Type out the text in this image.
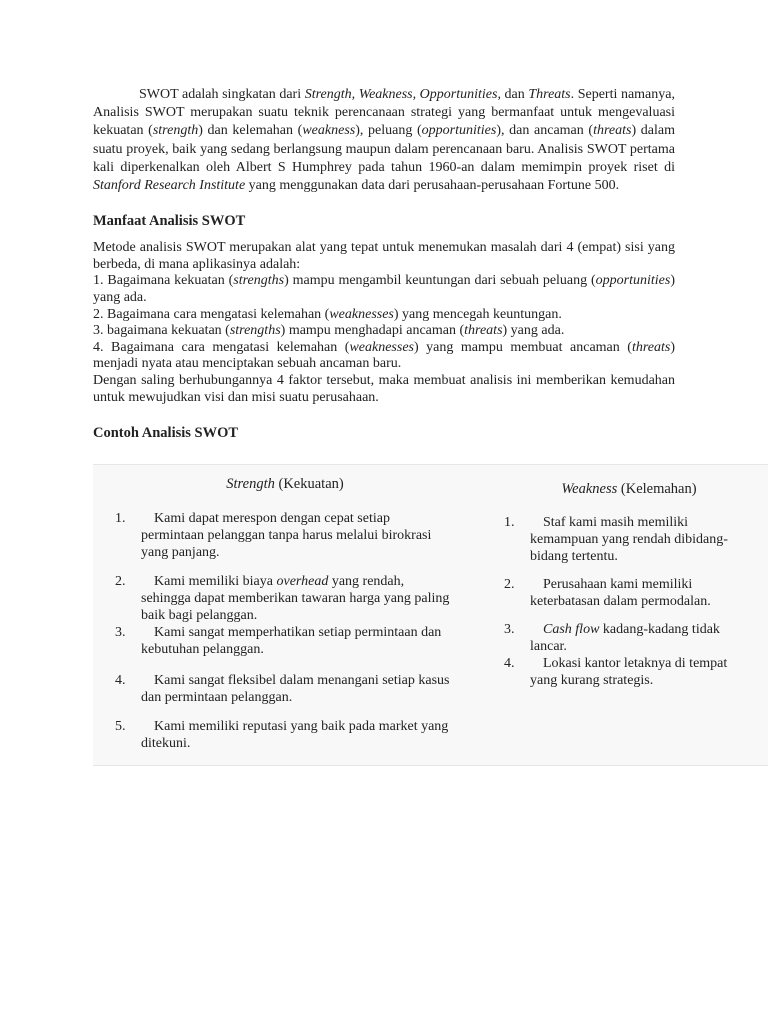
SWOT adalah singkatan dari Strength, Weakness, Opportunities, dan Threats. Seperti namanya, Analisis SWOT merupakan suatu teknik perencanaan strategi yang bermanfaat untuk mengevaluasi kekuatan (strength) dan kelemahan (weakness), peluang (opportunities), dan ancaman (threats) dalam suatu proyek, baik yang sedang berlangsung maupun dalam perencanaan baru. Analisis SWOT pertama kali diperkenalkan oleh Albert S Humphrey pada tahun 1960-an dalam memimpin proyek riset di Stanford Research Institute yang menggunakan data dari perusahaan-perusahaan Fortune 500.

Manfaat Analisis SWOT

Metode analisis SWOT merupakan alat yang tepat untuk menemukan masalah dari 4 (empat) sisi yang berbeda, di mana aplikasinya adalah:

1. Bagaimana kekuatan (strengths) mampu mengambil keuntungan dari sebuah peluang (opportunities) yang ada.

2. Bagaimana cara mengatasi kelemahan (weaknesses) yang mencegah keuntungan.

3. bagaimana kekuatan (strengths) mampu menghadapi ancaman (threats) yang ada.

4. Bagaimana cara mengatasi kelemahan (weaknesses) yang mampu membuat ancaman (threats) menjadi nyata atau menciptakan sebuah ancaman baru.

Dengan saling berhubungannya 4 faktor tersebut, maka membuat analisis ini memberikan kemudahan untuk mewujudkan visi dan misi suatu perusahaan.

Contoh Analisis SWOT

Strength (Kekuatan)

1.	Kami dapat merespon dengan cepat setiap permintaan pelanggan tanpa harus melalui birokrasi yang panjang.
2.	Kami memiliki biaya overhead yang rendah, sehingga dapat memberikan tawaran harga yang paling baik bagi pelanggan.
3.	Kami sangat memperhatikan setiap permintaan dan kebutuhan pelanggan.
4.	Kami sangat fleksibel dalam menangani setiap kasus dan permintaan pelanggan.
5.	Kami memiliki reputasi yang baik pada market yang ditekuni.

Weakness (Kelemahan)

1.	Staf kami masih memiliki kemampuan yang rendah dibidang-bidang tertentu.
2.	Perusahaan kami memiliki keterbatasan dalam permodalan.
3.	Cash flow kadang-kadang tidak lancar.
4.	Lokasi kantor letaknya di tempat yang kurang strategis.
